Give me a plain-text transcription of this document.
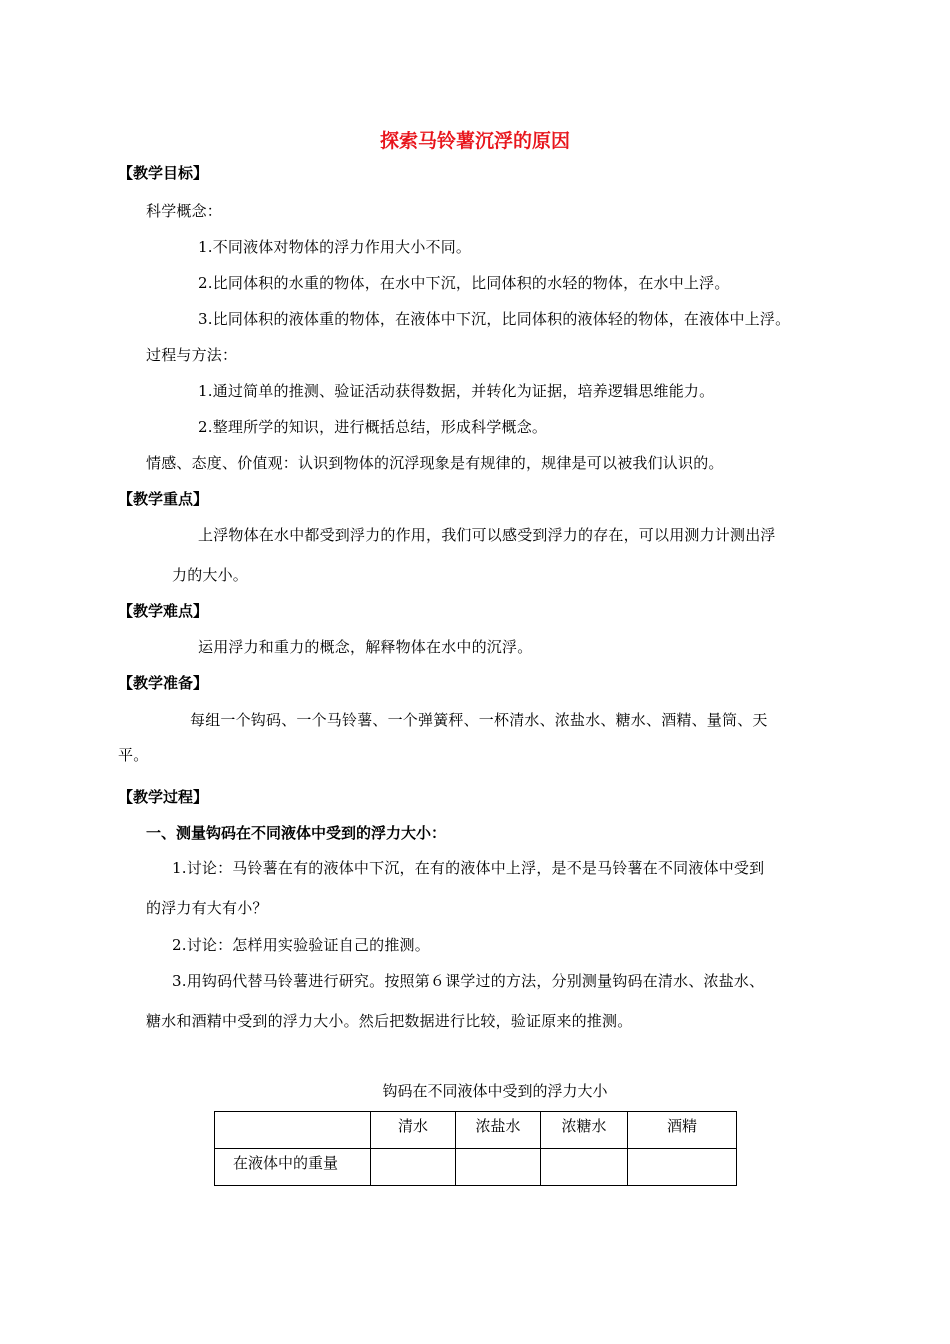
探索马铃薯沉浮的原因
【教学目标】
科学概念：
1.不同液体对物体的浮力作用大小不同。
2.比同体积的水重的物体，在水中下沉，比同体积的水轻的物体，在水中上浮。
3.比同体积的液体重的物体，在液体中下沉，比同体积的液体轻的物体，在液体中上浮。
过程与方法：
1.通过简单的推测、验证活动获得数据，并转化为证据，培养逻辑思维能力。
2.整理所学的知识，进行概括总结，形成科学概念。
情感、态度、价值观：认识到物体的沉浮现象是有规律的，规律是可以被我们认识的。
【教学重点】
上浮物体在水中都受到浮力的作用，我们可以感受到浮力的存在，可以用测力计测出浮
力的大小。
【教学难点】
运用浮力和重力的概念，解释物体在水中的沉浮。
【教学准备】
每组一个钩码、一个马铃薯、一个弹簧秤、一杯清水、浓盐水、糖水、酒精、量筒、天
平。
【教学过程】
一、测量钩码在不同液体中受到的浮力大小：
1.讨论：马铃薯在有的液体中下沉，在有的液体中上浮，是不是马铃薯在不同液体中受到
的浮力有大有小？
2.讨论：怎样用实验验证自己的推测。
3.用钩码代替马铃薯进行研究。按照第６课学过的方法，分别测量钩码在清水、浓盐水、
糖水和酒精中受到的浮力大小。然后把数据进行比较，验证原来的推测。
钩码在不同液体中受到的浮力大小
	清水	浓盐水	浓糖水	酒精
在液体中的重量				
